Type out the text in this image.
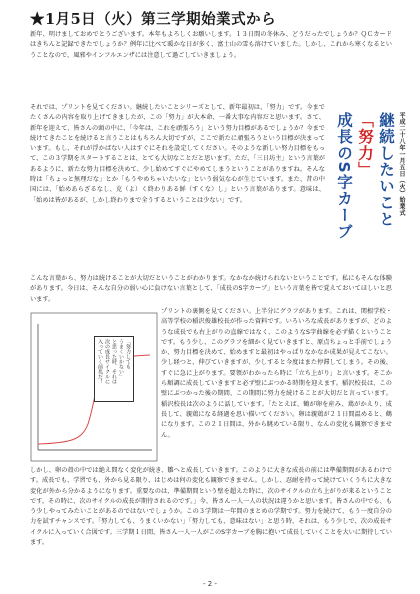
★1月5日（火）第三学期始業式から

新年、明けましておめでとうございます。本年もよろしくお願いします。１３日間の冬休み、どうだったでしょうか？ＱＣカードはきちんと記録できたでしょうか？例年に比べて暖かな日が多く、富士山の雪も溶けていました。しかし、これから寒くなるということなので、風邪やインフルエンザには注意して過ごしていきましょう。

それでは、プリントを見てください。継続したいことシリーズとして、新年最初は、「努力」です。今までたくさんの内容を取り上げてきましたが、この「努力」が大本命、一番大事な内容だと思います。さて、新年を迎えて、皆さんの頭の中に、「今年は、これを頑張ろう」という努力目標があるでしょうか？今まで続けてきたことを続けると言うことはもちろん大切ですが、ここで新たに頑張ろうという目標が決まっています。もし、それが浮かばない人はすぐにそれを設定してください。そのような新しい努力目標をもって、この３学期をスタートすることは、とても大切なことだと思います。ただ、「三日坊主」という言葉があるように、新たな努力目標を決めて、少し始めてすぐにやめてしまうということがありますね。そんな時は「ちょっと無理だな」とか「もうやめちゃいたいな」という弱気な心が生じています。また、昔の中国には、「始めあらざるなし、克（よ）く終わりある鮮（すくな）し」という言葉があります。意味は、「始めは皆があるが、しかし終わりまで全うするということは少ない」です。

こんな言葉から、努力は続けることが大切だということがわかります。なかなか続けられないということです。私にもそんな体験があります。今日は、そんな自分の弱い心に負けない言葉として、「成長のS字カーブ」という言葉を皆で覚えておいてほしいと思います。

プリントの裏側を見てください。上半分にグラフがあります。これは、関根学校・高等学校の稲沢俊雄校長が作った資料です。いろいろな成長がありますが、どのような成長でも右上がりの直線ではなく、このようなS字曲線を必ず描くということです。もう少し、このグラフを細かく見ていきますと、原点ちょっと手前でしょうか、努力目標を決めて、始めますと最初はやっぱりなかなか成果が見えてこない。少し経つと、伸びていきますが、少しすると今度はまた停滞してしまう。その後、すぐに急に上がります。要領がわかったら時に「立ち上がり」と言います。そこから順調に成長していきますと必ず壁にぶつかる時期を迎えます。稲沢校長は、この壁にぶつかった後の期間、この期間に努力を続けることが大切だと言っています。稲沢校長は次のように話しています。「たとえば、鶴が卵を産み、鶏がかえり、成長して、親鶏になる経過を思い描いてください。卵は親鶏が２１日間温めると、鶴になります。この２１日間は、外から眺めている限り、なんの変化も観察できません。

しかし、卵の殻の中では絶え間なく変化が続き、雛へと成長していきます。このように大きな成長の前には準備期間があるわけです。成長でも、学習でも、外から見る限り、はじめは何の変化も観察できません。しかし、忍耐を持って続けていくうちに大きな変化が外から分かるようになります。重要なのは、準備期間という壁を超えた時に、次のサイクルの立ち上がりが来るということです。その時に、次のサイクルの成長が期待されるのです。」今、皆さん一人一人の状況は違うかと思います。皆さんの中でも、もう少しやってみたいことがあるのではないでしょうか。この３学期は一年間のまとめの学期です。努力を続けて、もう一度自分の力を試すチャンスです。「努力しても、うまくいかない」「努力しても、意味はない」と思う時、それは、もう少しで、次の成長サイクルに入っていく合図です。三学期１日間、皆さん一人一人がこのS字カーブを胸に抱いて成長していくことを大いに期待しています。

平成二十八年一月五日（火）始業式
継続したいこと
「努力」
成長のS字カーブ
「努力しても
うまくいかない」
と思った時、それは
次の成長サイクルに
入っていく前兆だ！
- 2 -
